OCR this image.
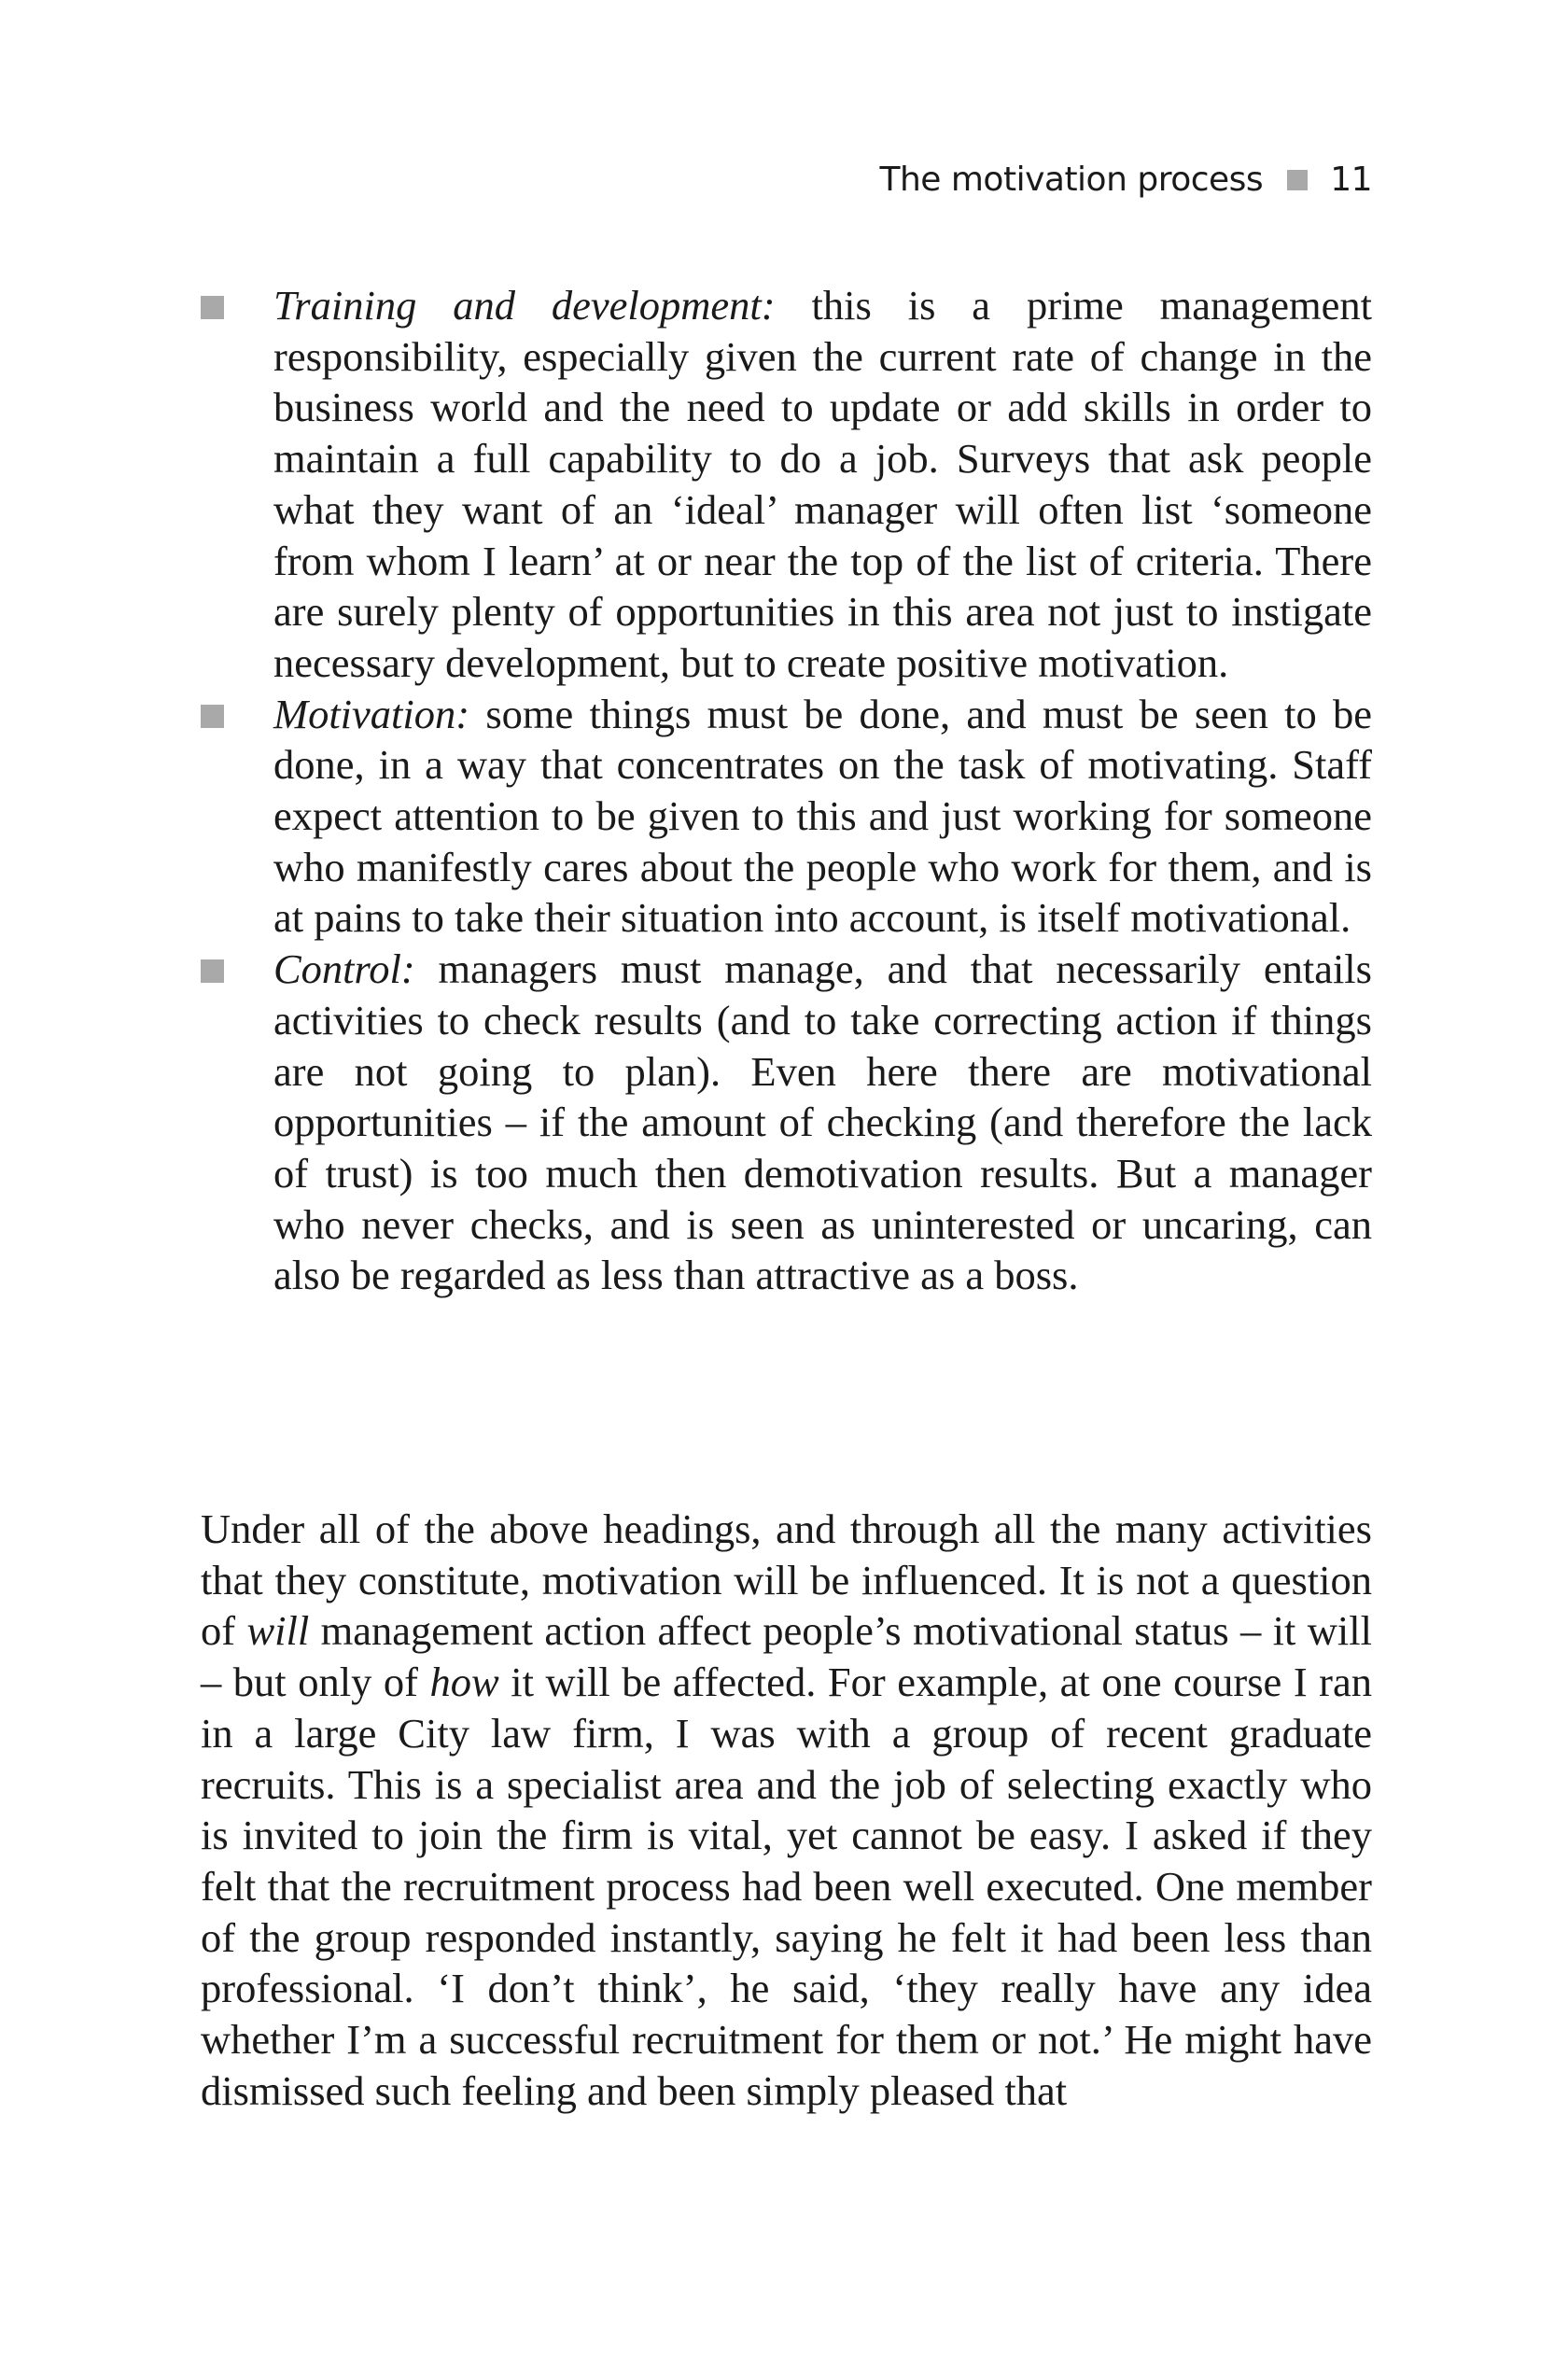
The motivation process 11
Training and development: this is a prime management responsibility, especially given the current rate of change in the business world and the need to update or add skills in order to maintain a full capability to do a job. Surveys that ask people what they want of an ‘ideal’ manager will often list ‘someone from whom I learn’ at or near the top of the list of criteria. There are surely plenty of opportunities in this area not just to instigate necessary development, but to create positive motivation.
Motivation: some things must be done, and must be seen to be done, in a way that concentrates on the task of motivating. Staff expect attention to be given to this and just working for someone who manifestly cares about the people who work for them, and is at pains to take their situation into account, is itself motivational.
Control: managers must manage, and that necessarily entails activities to check results (and to take correcting action if things are not going to plan). Even here there are motivational opportunities – if the amount of checking (and therefore the lack of trust) is too much then demotivation results. But a manager who never checks, and is seen as uninterested or uncaring, can also be regarded as less than attractive as a boss.

Under all of the above headings, and through all the many activities that they constitute, motivation will be influenced. It is not a question of will management action affect people’s motivational status – it will – but only of how it will be affected. For example, at one course I ran in a large City law firm, I was with a group of recent graduate recruits. This is a specialist area and the job of selecting exactly who is invited to join the firm is vital, yet cannot be easy. I asked if they felt that the recruitment process had been well executed. One member of the group responded instantly, saying he felt it had been less than professional. ‘I don’t think’, he said, ‘they really have any idea whether I’m a successful recruitment for them or not.’ He might have dismissed such feeling and been simply pleased that
